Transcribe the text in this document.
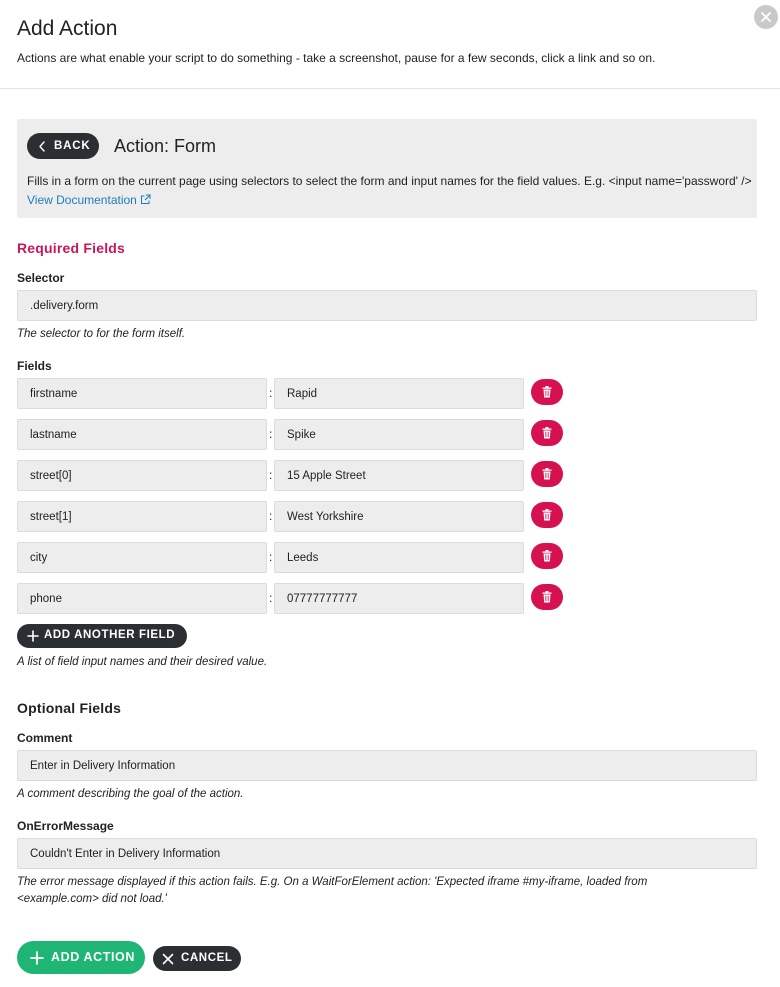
Add Action

Actions are what enable your script to do something - take a screenshot, pause for a few seconds, click a link and so on.

BACK Action: Form
Fills in a form on the current page using selectors to select the form and input names for the field values. E.g. <input name='password' /> View Documentation
Required Fields
Selector
.delivery.form
The selector to for the form itself.
Fields
firstname
:
Rapid
lastname
:
Spike
street[0]
:
15 Apple Street
street[1]
:
West Yorkshire
city
:
Leeds
phone
:
07777777777
ADD ANOTHER FIELD
A list of field input names and their desired value.
Optional Fields
Comment
Enter in Delivery Information
A comment describing the goal of the action.
OnErrorMessage
Couldn't Enter in Delivery Information
The error message displayed if this action fails. E.g. On a WaitForElement action: 'Expected iframe #my-iframe, loaded from <example.com> did not load.'
ADD ACTION	CANCEL
